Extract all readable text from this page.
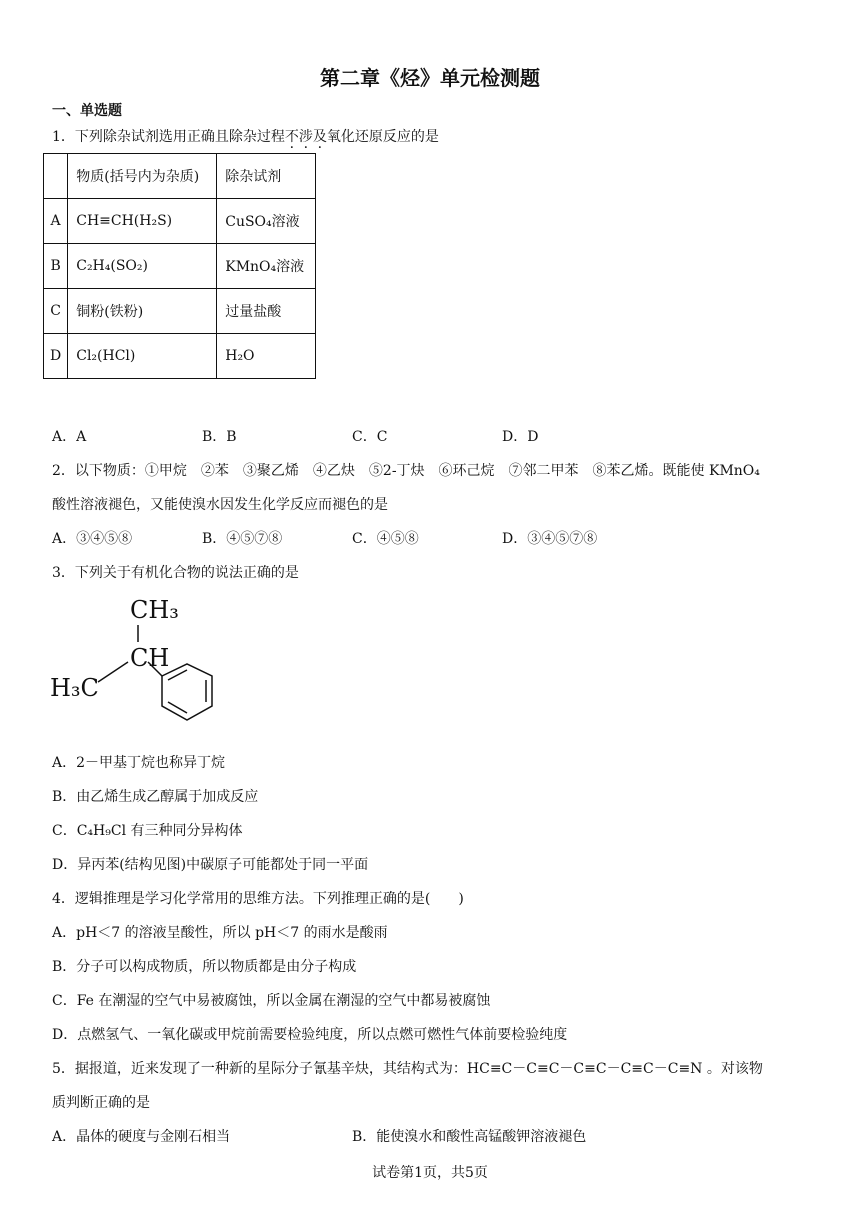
第二章《烃》单元检测题
一、单选题
1．下列除杂试剂选用正确且除杂过程不涉及氧化还原反应的是
	物质(括号内为杂质)	除杂试剂
A	CH≡CH(H₂S)	CuSO₄溶液
B	C₂H₄(SO₂)	KMnO₄溶液
C	铜粉(铁粉)	过量盐酸
D	Cl₂(HCl)	H₂O
A．A	B．B	C．C	D．D
2．以下物质：①甲烷　②苯　③聚乙烯　④乙炔　⑤2-丁炔　⑥环己烷　⑦邻二甲苯　⑧苯乙烯。既能使 KMnO₄
酸性溶液褪色，又能使溴水因发生化学反应而褪色的是
A．③④⑤⑧	B．④⑤⑦⑧	C．④⑤⑧	D．③④⑤⑦⑧
3．下列关于有机化合物的说法正确的是
CH₃
CH
H₃C
A．2－甲基丁烷也称异丁烷
B．由乙烯生成乙醇属于加成反应
C．C₄H₉Cl 有三种同分异构体
D．异丙苯(结构见图)中碳原子可能都处于同一平面
4．逻辑推理是学习化学常用的思维方法。下列推理正确的是(　　)
A．pH＜7 的溶液呈酸性，所以 pH＜7 的雨水是酸雨
B．分子可以构成物质，所以物质都是由分子构成
C．Fe 在潮湿的空气中易被腐蚀，所以金属在潮湿的空气中都易被腐蚀
D．点燃氢气、一氧化碳或甲烷前需要检验纯度，所以点燃可燃性气体前要检验纯度
5．据报道，近来发现了一种新的星际分子氰基辛炔，其结构式为：HC≡C－C≡C－C≡C－C≡C－C≡N 。对该物
质判断正确的是
A．晶体的硬度与金刚石相当	B．能使溴水和酸性高锰酸钾溶液褪色
试卷第1页，共5页
